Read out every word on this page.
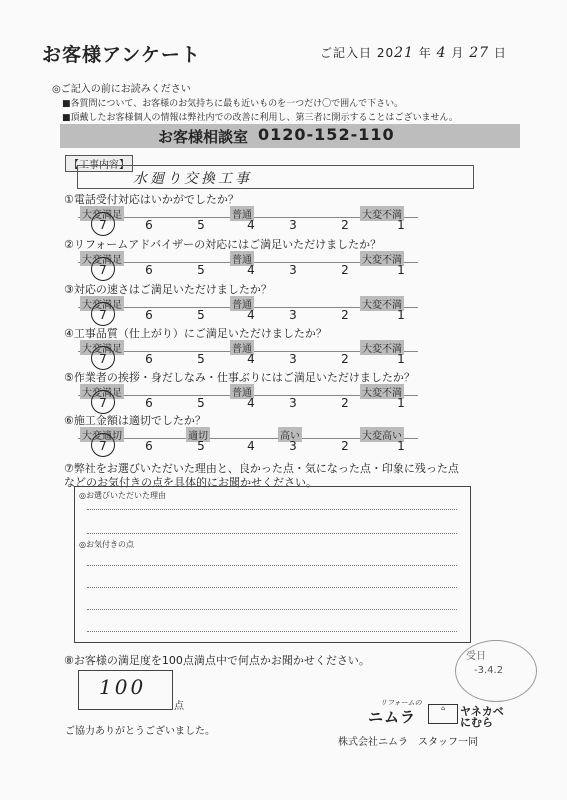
お客様アンケート	ご記入日 2021 年 4 月 27 日
◎ご記入の前にお読みください
■各質問について、お客様のお気持ちに最も近いものを一つだけ〇で囲んで下さい。
■頂戴したお客様個人の情報は弊社内での改善に利用し、第三者に開示することはございません。
お客様相談室 0120-152-110
【工事内容】
水廻り交換工事
①電話受付対応はいかがでしたか？
大変満足	普通	大変不満
7	6	5	4	3	2	1
②リフォームアドバイザーの対応にはご満足いただけましたか？
大変満足	普通	大変不満
7	6	5	4	3	2	1
③対応の速さはご満足いただけましたか？
大変満足	普通	大変不満
7	6	5	4	3	2	1
④工事品質（仕上がり）にご満足いただけましたか？
大変満足	普通	大変不満
7	6	5	4	3	2	1
⑤作業者の挨拶・身だしなみ・仕事ぶりにはご満足いただけましたか？
大変満足	普通	大変不満
7	6	5	4	3	2	1
⑥施工金額は適切でしたか？
大変適切	適切	高い	大変高い
7	6	5	4	3	2	1
⑦弊社をお選びいただいた理由と、良かった点・気になった点・印象に残った点
などのお気付きの点を具体的にお聞かせください。
◎お選びいただいた理由
◎お気付きの点
⑧お客様の満足度を100点満点中で何点かお聞かせください。
100
点
受日
-3.4.2
ご協力ありがとうございました。
リフォームの
ニムラ	⌂	ヤネカベ
にむら
株式会社ニムラ　スタッフ一同
